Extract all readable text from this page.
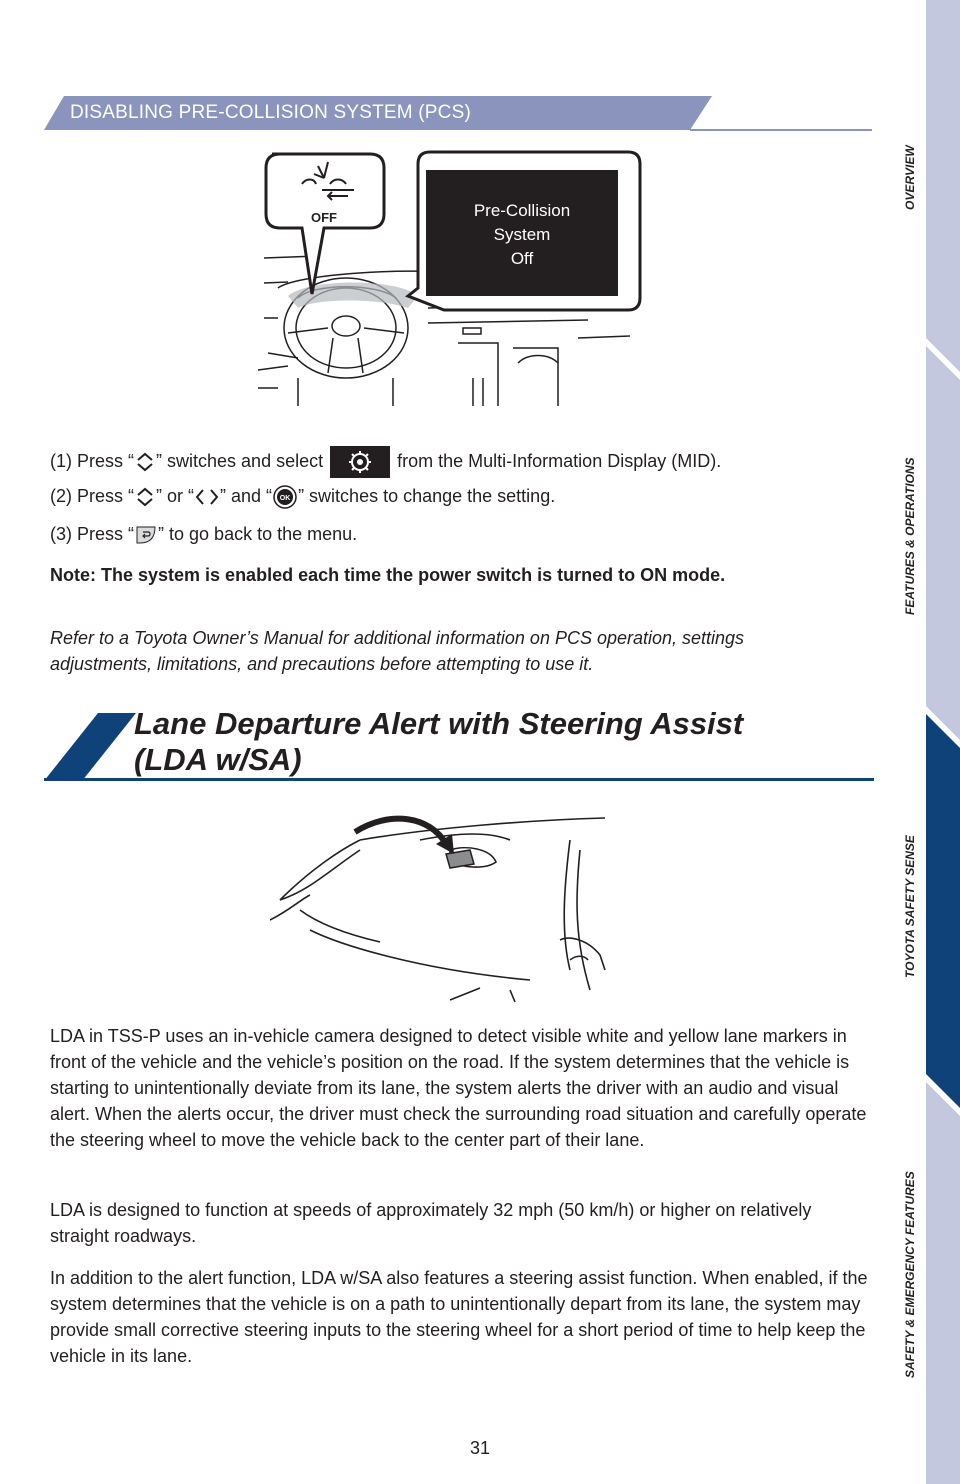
OVERVIEW
FEATURES & OPERATIONS
TOYOTA SAFETY SENSE
SAFETY & EMERGENCY FEATURES
DISABLING PRE-COLLISION SYSTEM (PCS)
OFF	Pre-Collision
System
Off
(1) Press “ ” switches and select	from the Multi-Information Display (MID).
(2) Press “ ” or “ ” and “ OK ” switches to change the setting.
(3) Press “ ” to go back to the menu.
Note: The system is enabled each time the power switch is turned to ON mode.
Refer to a Toyota Owner’s Manual for additional information on PCS operation, settings adjustments, limitations, and precautions before attempting to use it.
Lane Departure Alert with Steering Assist
(LDA w/SA)
LDA in TSS-P uses an in-vehicle camera designed to detect visible white and yellow lane markers in front of the vehicle and the vehicle’s position on the road. If the system determines that the vehicle is starting to unintentionally deviate from its lane, the system alerts the driver with an audio and visual alert. When the alerts occur, the driver must check the surrounding road situation and carefully operate the steering wheel to move the vehicle back to the center part of their lane.
LDA is designed to function at speeds of approximately 32 mph (50 km/h) or higher on relatively straight roadways.
In addition to the alert function, LDA w/SA also features a steering assist function. When enabled, if the system determines that the vehicle is on a path to unintentionally depart from its lane, the system may provide small corrective steering inputs to the steering wheel for a short period of time to help keep the vehicle in its lane.
31
